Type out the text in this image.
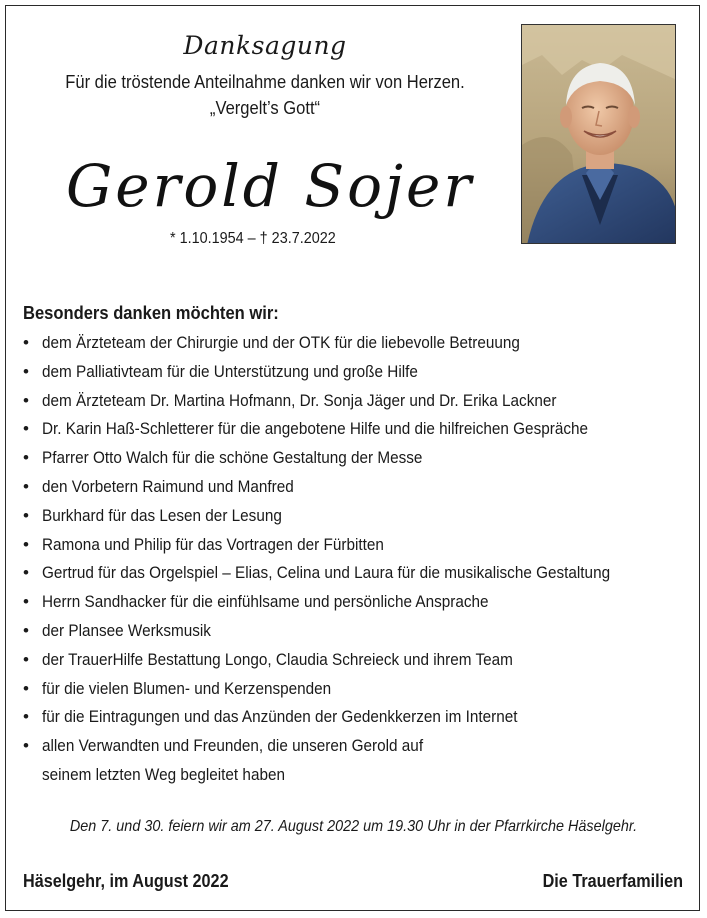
Danksagung
Für die tröstende Anteilnahme danken wir von Herzen.
„Vergelt’s Gott“
Gerold Sojer
* 1.10.1954 – † 23.7.2022
Besonders danken möchten wir:
• dem Ärzteteam der Chirurgie und der OTK für die liebevolle Betreuung
• dem Palliativteam für die Unterstützung und große Hilfe
• dem Ärzteteam Dr. Martina Hofmann, Dr. Sonja Jäger und Dr. Erika Lackner
• Dr. Karin Haß-Schletterer für die angebotene Hilfe und die hilfreichen Gespräche
• Pfarrer Otto Walch für die schöne Gestaltung der Messe
• den Vorbetern Raimund und Manfred
• Burkhard für das Lesen der Lesung
• Ramona und Philip für das Vortragen der Fürbitten
• Gertrud für das Orgelspiel – Elias, Celina und Laura für die musikalische Gestaltung
• Herrn Sandhacker für die einfühlsame und persönliche Ansprache
• der Plansee Werksmusik
• der TrauerHilfe Bestattung Longo, Claudia Schreieck und ihrem Team
• für die vielen Blumen- und Kerzenspenden
• für die Eintragungen und das Anzünden der Gedenkkerzen im Internet
• allen Verwandten und Freunden, die unseren Gerold auf
seinem letzten Weg begleitet haben
Den 7. und 30. feiern wir am 27. August 2022 um 19.30 Uhr in der Pfarrkirche Häselgehr.
Häselgehr, im August 2022	Die Trauerfamilien
